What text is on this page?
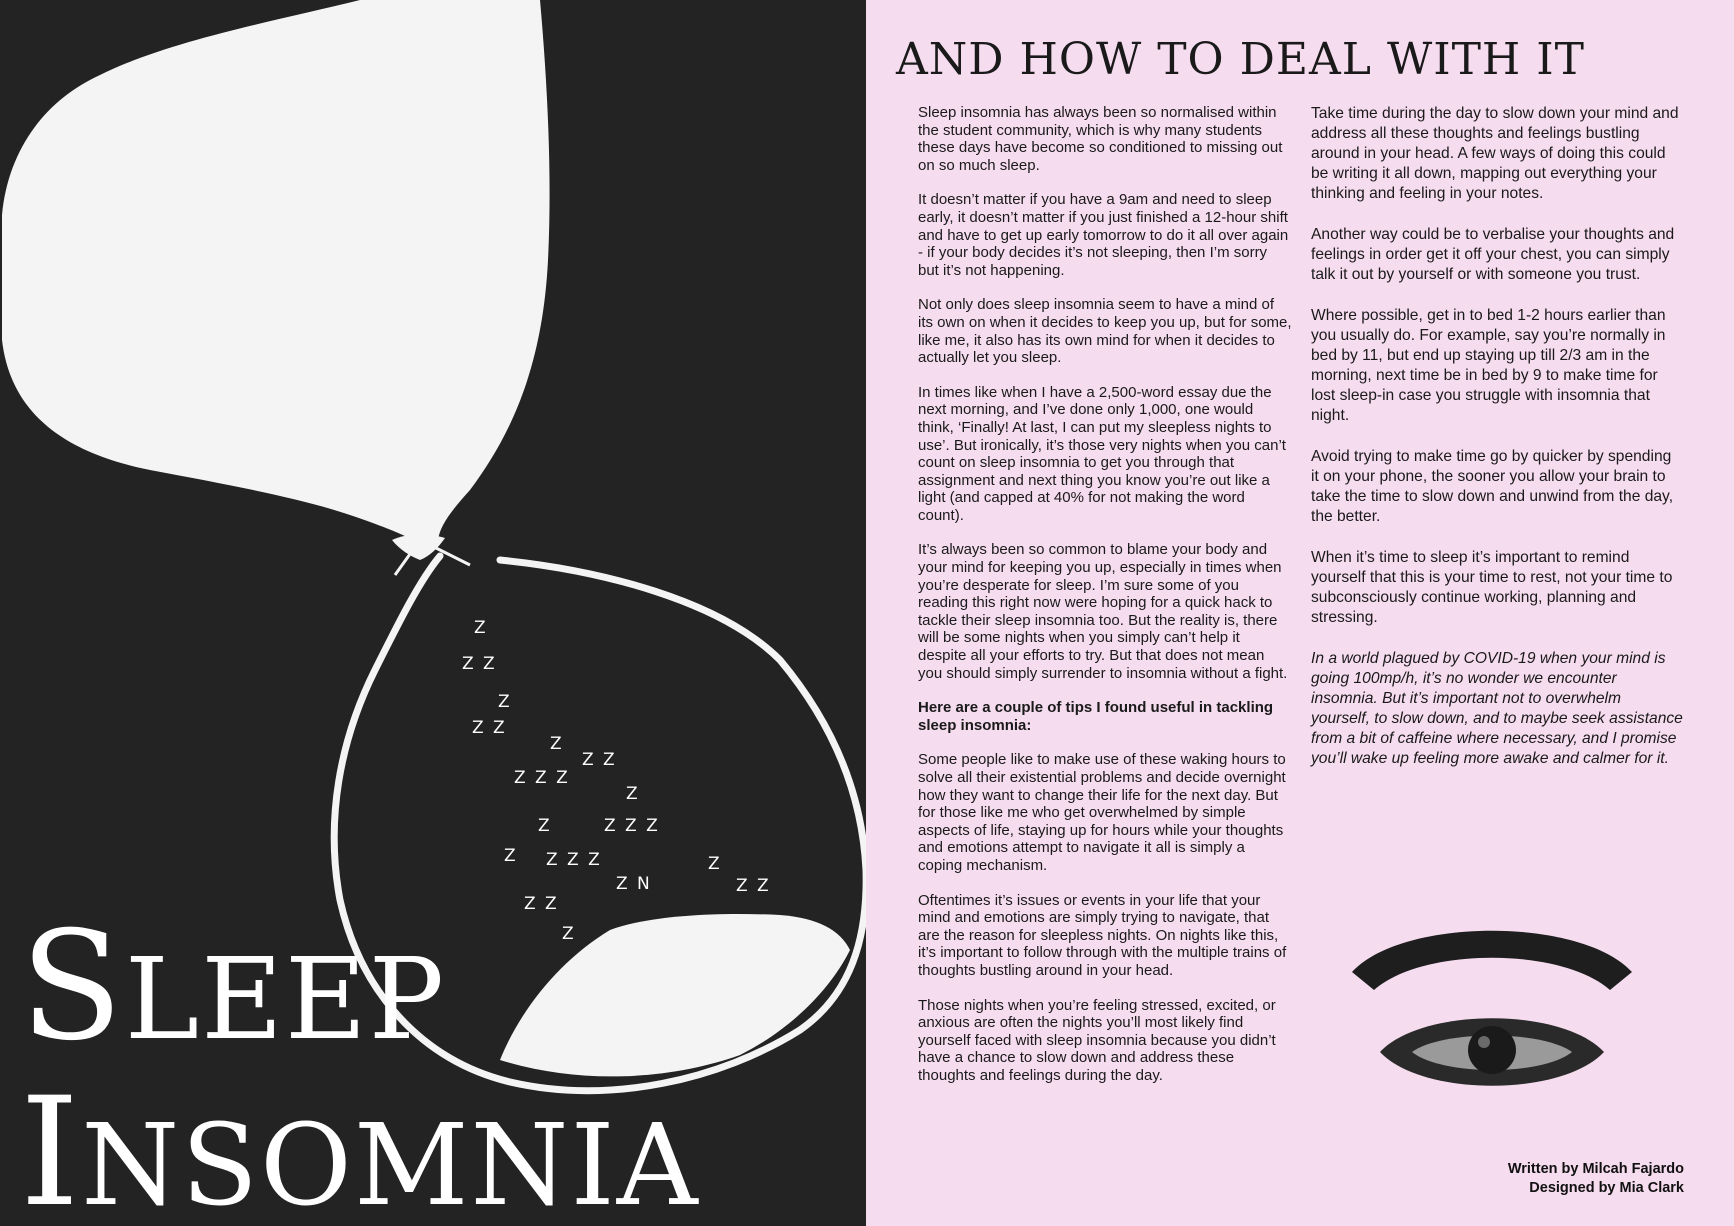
Z
Z Z
Z
Z Z
Z
Z Z
Z Z Z
Z
Z	Z Z Z
Z Z Z Z	Z
Z N
Z Z
Z Z
Z
SLEEP
INSOMNIA
AND HOW TO DEAL WITH IT

Sleep insomnia has always been so normalised within the student community, which is why many students these days have become so conditioned to missing out on so much sleep.

It doesn’t matter if you have a 9am and need to sleep early, it doesn’t matter if you just finished a 12-hour shift and have to get up early tomorrow to do it all over again - if your body decides it’s not sleeping, then I’m sorry but it’s not happening.

Not only does sleep insomnia seem to have a mind of its own on when it decides to keep you up, but for some, like me, it also has its own mind for when it decides to actually let you sleep.

In times like when I have a 2,500-word essay due the next morning, and I’ve done only 1,000, one would think, ‘Finally! At last, I can put my sleepless nights to use’. But ironically, it’s those very nights when you can’t count on sleep insomnia to get you through that assignment and next thing you know you’re out like a light (and capped at 40% for not making the word count).

It’s always been so common to blame your body and your mind for keeping you up, especially in times when you’re desperate for sleep. I’m sure some of you reading this right now were hoping for a quick hack to tackle their sleep insomnia too. But the reality is, there will be some nights when you simply can’t help it despite all your efforts to try. But that does not mean you should simply surrender to insomnia without a fight.

Here are a couple of tips I found useful in tackling sleep insomnia:

Some people like to make use of these waking hours to solve all their existential problems and decide overnight how they want to change their life for the next day. But for those like me who get overwhelmed by simple aspects of life, staying up for hours while your thoughts and emotions attempt to navigate it all is simply a coping mechanism.

Oftentimes it’s issues or events in your life that your mind and emotions are simply trying to navigate, that are the reason for sleepless nights. On nights like this, it’s important to follow through with the multiple trains of thoughts bustling around in your head.

Those nights when you’re feeling stressed, excited, or anxious are often the nights you’ll most likely find yourself faced with sleep insomnia because you didn’t have a chance to slow down and address these thoughts and feelings during the day.

Take time during the day to slow down your mind and address all these thoughts and feelings bustling around in your head. A few ways of doing this could be writing it all down, mapping out everything your thinking and feeling in your notes.

Another way could be to verbalise your thoughts and feelings in order get it off your chest, you can simply talk it out by yourself or with someone you trust.

Where possible, get in to bed 1-2 hours earlier than you usually do. For example, say you’re normally in bed by 11, but end up staying up till 2/3 am in the morning, next time be in bed by 9 to make time for lost sleep-in case you struggle with insomnia that night.

Avoid trying to make time go by quicker by spending it on your phone, the sooner you allow your brain to take the time to slow down and unwind from the day, the better.

When it’s time to sleep it’s important to remind yourself that this is your time to rest, not your time to subconsciously continue working, planning and stressing.

In a world plagued by COVID-19 when your mind is going 100mp/h, it’s no wonder we encounter insomnia. But it’s important not to overwhelm yourself, to slow down, and to maybe seek assistance from a bit of caffeine where necessary, and I promise you’ll wake up feeling more awake and calmer for it.

Written by Milcah Fajardo
Designed by Mia Clark
